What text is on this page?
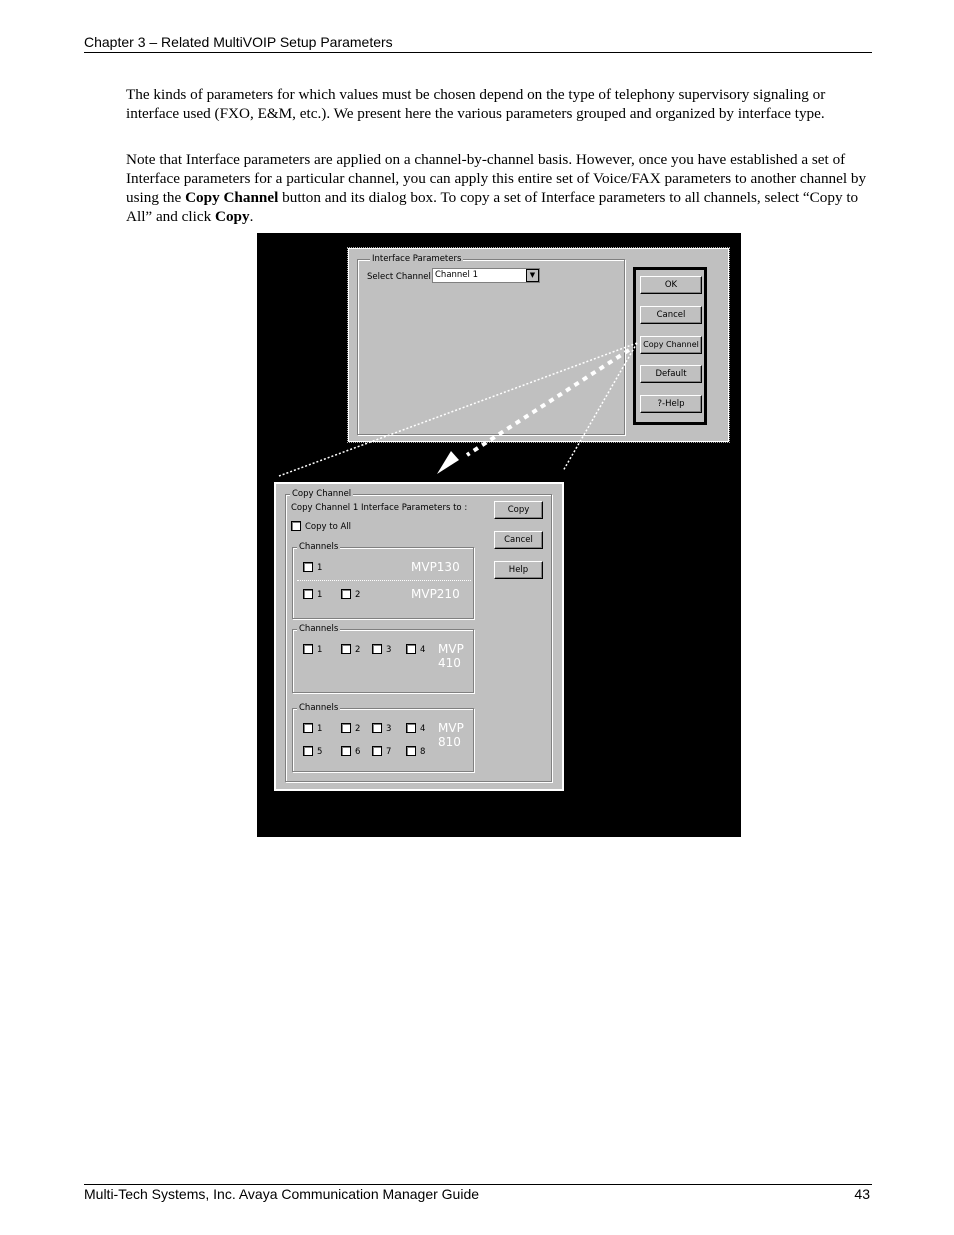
Chapter 3 – Related MultiVOIP Setup Parameters
The kinds of parameters for which values must be chosen depend on the type of telephony supervisory signaling or interface used (FXO, E&M, etc.). We present here the various parameters grouped and organized by interface type.
Note that Interface parameters are applied on a channel-by-channel basis. However, once you have established a set of Interface parameters for a particular channel, you can apply this entire set of Voice/FAX parameters to another channel by using the Copy Channel button and its dialog box. To copy a set of Interface parameters to all channels, select “Copy to All” and click Copy.
Interface Parameters
Select Channel Channel 1	▼
OK
Cancel
Copy Channel
Default
?-Help
Copy Channel
Copy Channel 1 Interface Parameters to :
Copy to All
Copy
Cancel
Help
Channels
1	MVP130
1	2	MVP210
Channels
1	2	3	4 MVP
410
Channels
1	2	3	4
5	6	7	8
MVP
810
Multi-Tech Systems, Inc. Avaya Communication Manager Guide	43
